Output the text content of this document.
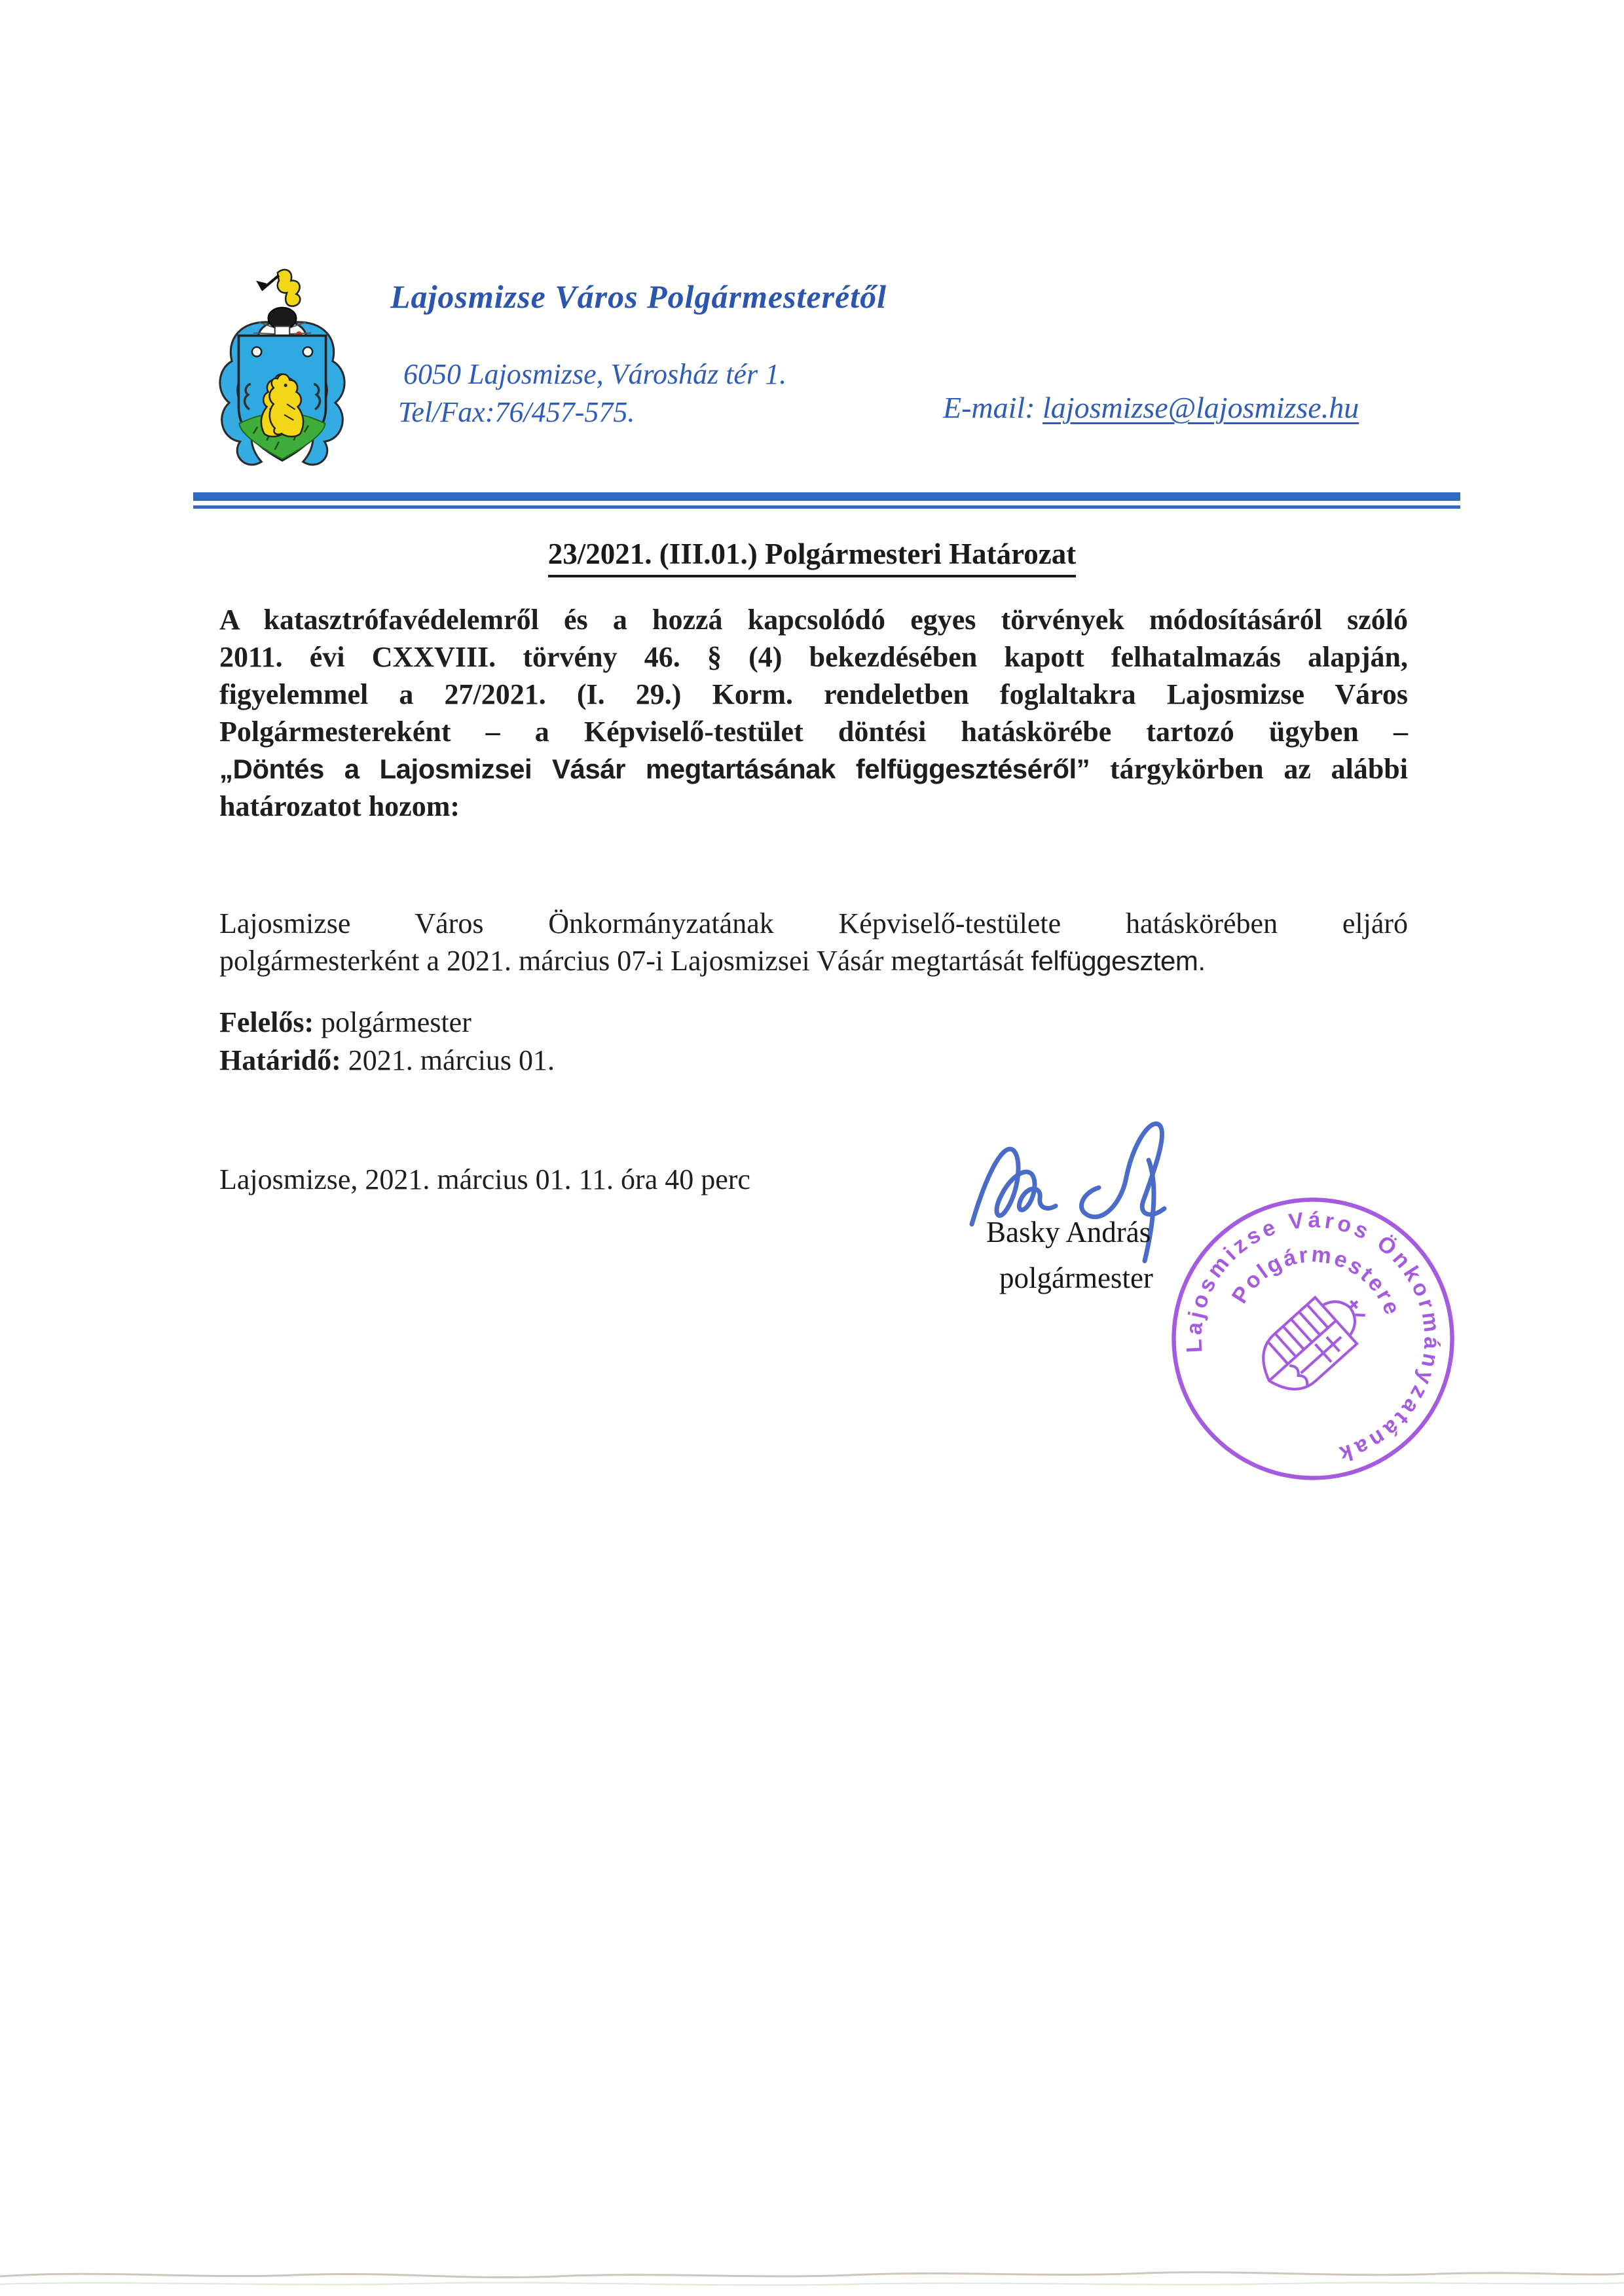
Lajosmizse Város Polgármesterétől
6050 Lajosmizse, Városház tér 1.
Tel/Fax:76/457-575.	E-mail: lajosmizse@lajosmizse.hu
23/2021. (III.01.) Polgármesteri Határozat
A katasztrófavédelemről és a hozzá kapcsolódó egyes törvények módosításáról szóló
2011. évi CXXVIII. törvény 46. § (4) bekezdésében kapott felhatalmazás alapján,
figyelemmel a 27/2021. (I. 29.) Korm. rendeletben foglaltakra Lajosmizse Város
Polgármestereként – a Képviselő-testület döntési hatáskörébe tartozó ügyben –
„Döntés a Lajosmizsei Vásár megtartásának felfüggesztéséről” tárgykörben az alábbi
határozatot hozom:
Lajosmizse Város Önkormányzatának Képviselő-testülete hatáskörében eljáró
polgármesterként a 2021. március 07-i Lajosmizsei Vásár megtartását felfüggesztem.
Felelős: polgármester
Határidő: 2021. március 01.
Lajosmizse, 2021. március 01. 11. óra 40 perc
Basky András
polgármester
Lajosmizse Város Önkormányzatának
Polgármestere
